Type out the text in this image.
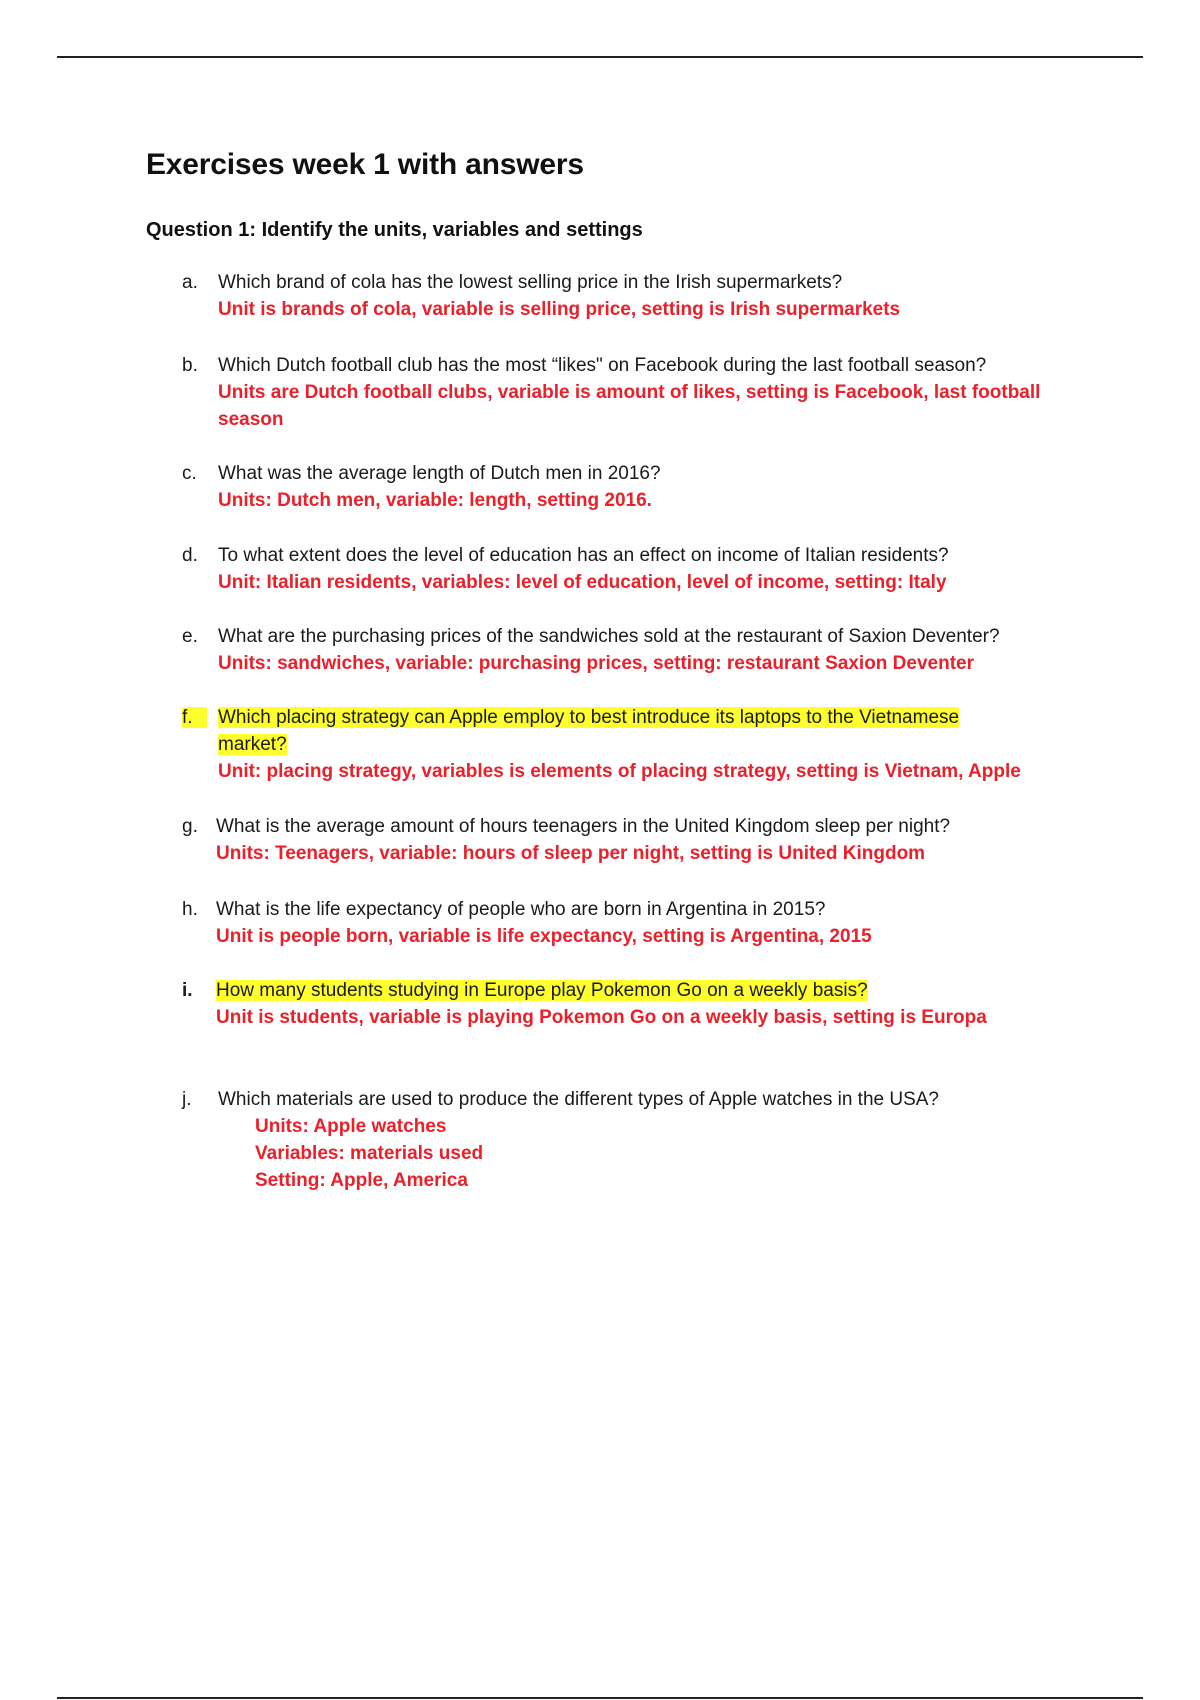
Exercises week 1 with answers
Question 1: Identify the units, variables and settings
a.	Which brand of cola has the lowest selling price in the Irish supermarkets?
Unit is brands of cola, variable is selling price, setting is Irish supermarkets
b.	Which Dutch football club has the most “likes" on Facebook during the last football season?
Units are Dutch football clubs, variable is amount of likes, setting is Facebook, last football season
c.	What was the average length of Dutch men in 2016?
Units: Dutch men, variable: length, setting 2016.
d.	To what extent does the level of education has an effect on income of Italian residents?
Unit: Italian residents, variables: level of education, level of income, setting: Italy
e.	What are the purchasing prices of the sandwiches sold at the restaurant of Saxion Deventer?
Units: sandwiches, variable: purchasing prices, setting: restaurant Saxion Deventer
f.	Which placing strategy can Apple employ to best introduce its laptops to the Vietnamese market?
Unit: placing strategy, variables is elements of placing strategy, setting is Vietnam, Apple
g. What is the average amount of hours teenagers in the United Kingdom sleep per night?
Units: Teenagers, variable: hours of sleep per night, setting is United Kingdom
h. What is the life expectancy of people who are born in Argentina in 2015?
Unit is people born, variable is life expectancy, setting is Argentina, 2015
i.	How many students studying in Europe play Pokemon Go on a weekly basis?
Unit is students, variable is playing Pokemon Go on a weekly basis, setting is Europa
j.	Which materials are used to produce the different types of Apple watches in the USA?
Units: Apple watches
Variables: materials used
Setting: Apple, America
